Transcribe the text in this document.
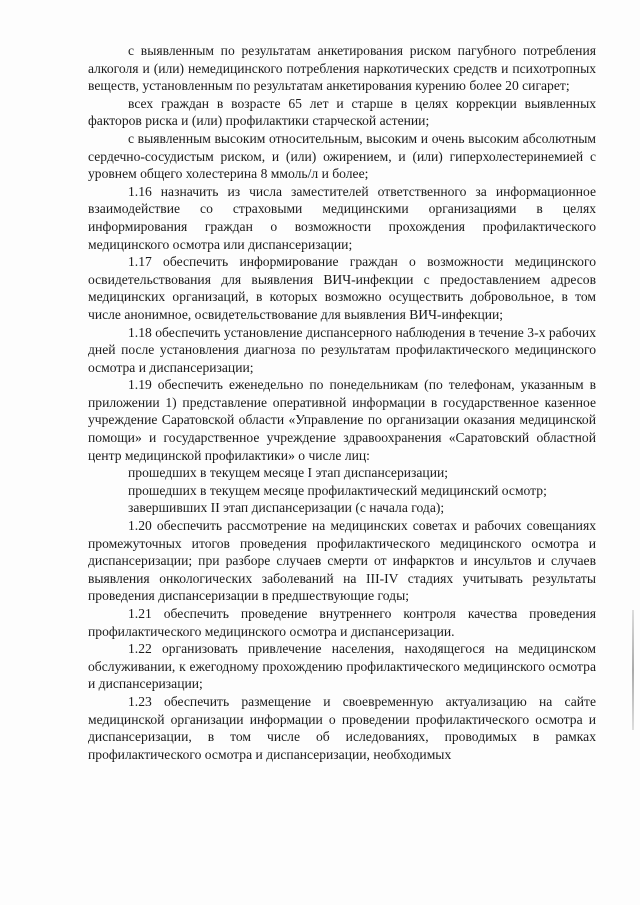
с выявленным по результатам анкетирования риском пагубного потребления алкоголя и (или) немедицинского потребления наркотических средств и психотропных веществ, установленным по результатам анкетирования курению более 20 сигарет;

всех граждан в возрасте 65 лет и старше в целях коррекции выявленных факторов риска и (или) профилактики старческой астении;

с выявленным высоким относительным, высоким и очень высоким абсолютным сердечно-сосудистым риском, и (или) ожирением, и (или) гиперхолестеринемией с уровнем общего холестерина 8 ммоль/л и более;

1.16 назначить из числа заместителей ответственного за информационное взаимодействие со страховыми медицинскими организациями в целях информирования граждан о возможности прохождения профилактического медицинского осмотра или диспансеризации;

1.17 обеспечить информирование граждан о возможности медицинского освидетельствования для выявления ВИЧ-инфекции с предоставлением адресов медицинских организаций, в которых возможно осуществить добровольное, в том числе анонимное, освидетельствование для выявления ВИЧ-инфекции;

1.18 обеспечить установление диспансерного наблюдения в течение 3-х рабочих дней после установления диагноза по результатам профилактического медицинского осмотра и диспансеризации;

1.19 обеспечить еженедельно по понедельникам (по телефонам, указанным в приложении 1) представление оперативной информации в государственное казенное учреждение Саратовской области «Управление по организации оказания медицинской помощи» и государственное учреждение здравоохранения «Саратовский областной центр медицинской профилактики» о числе лиц:

прошедших в текущем месяце I этап диспансеризации;

прошедших в текущем месяце профилактический медицинский осмотр;

завершивших II этап диспансеризации (с начала года);

1.20 обеспечить рассмотрение на медицинских советах и рабочих совещаниях промежуточных итогов проведения профилактического медицинского осмотра и диспансеризации; при разборе случаев смерти от инфарктов и инсультов и случаев выявления онкологических заболеваний на III-IV стадиях учитывать результаты проведения диспансеризации в предшествующие годы;

1.21 обеспечить проведение внутреннего контроля качества проведения профилактического медицинского осмотра и диспансеризации.

1.22 организовать привлечение населения, находящегося на медицинском обслуживании, к ежегодному прохождению профилактического медицинского осмотра и диспансеризации;

1.23 обеспечить размещение и своевременную актуализацию на сайте медицинской организации информации о проведении профилактического осмотра и диспансеризации, в том числе об иследованиях, проводимых в рамках профилактического осмотра и диспансеризации, необходимых
